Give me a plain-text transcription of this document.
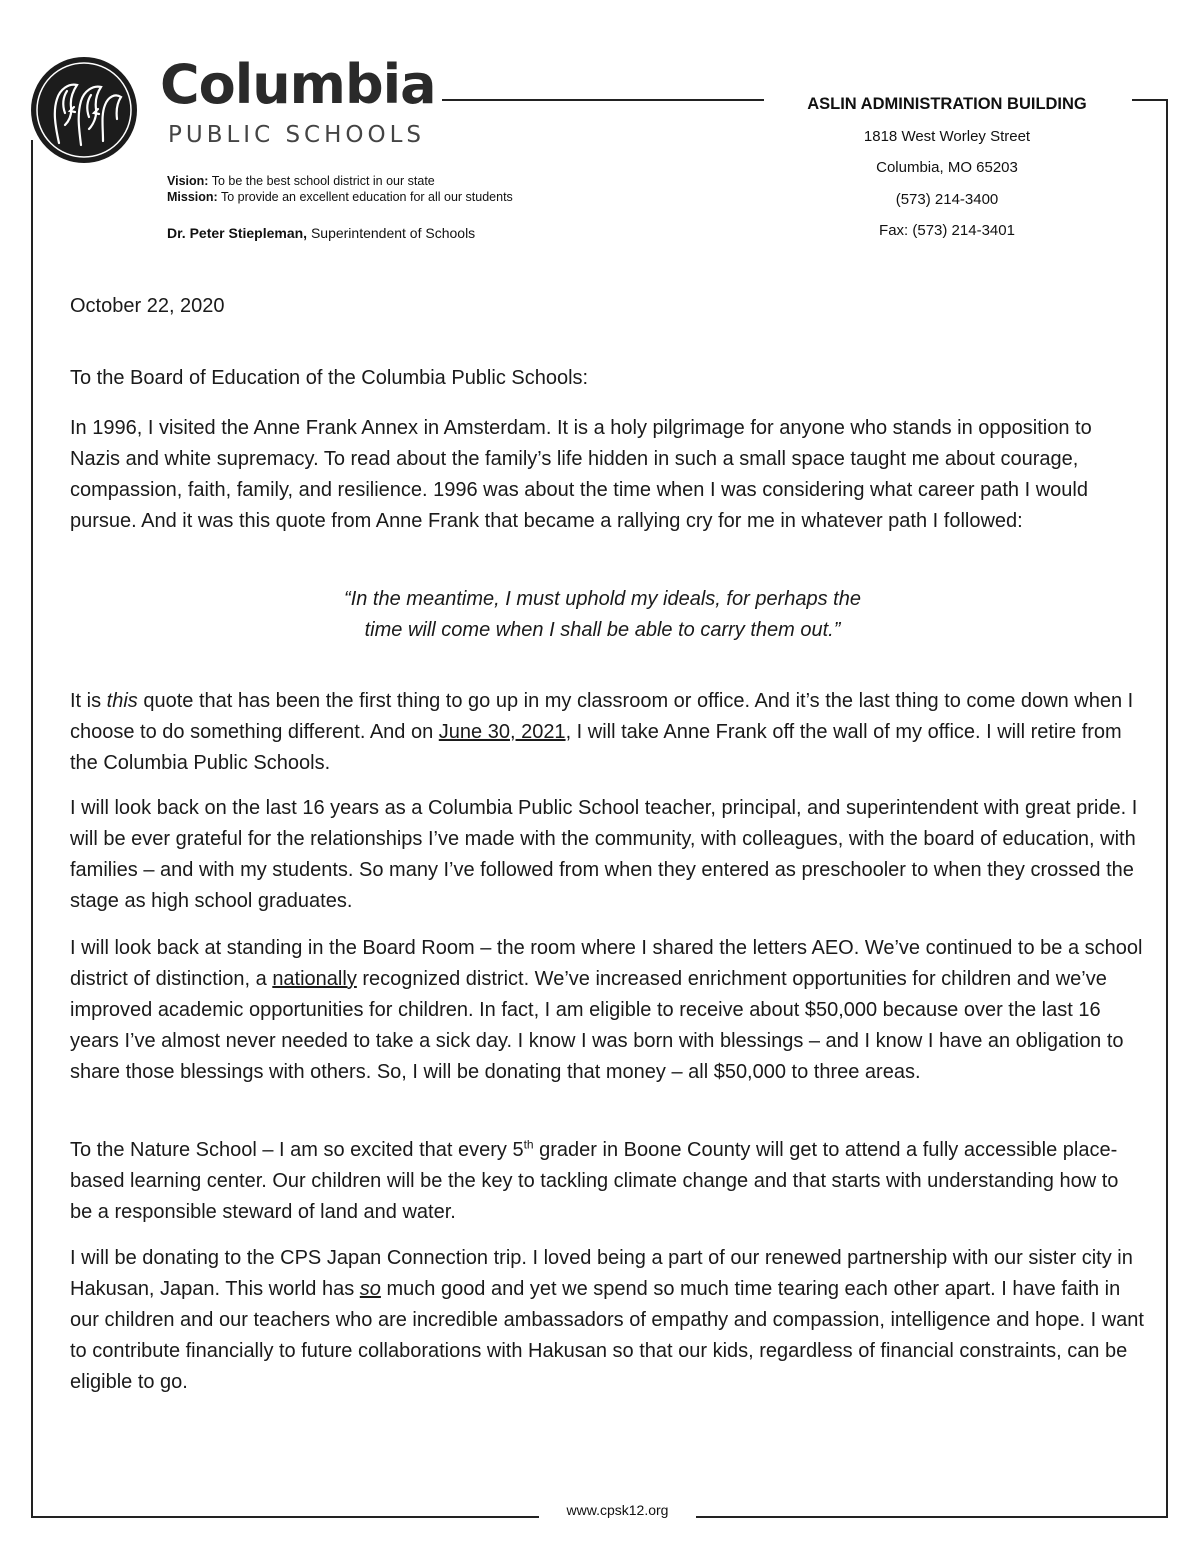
Columbia
PUBLIC SCHOOLS
Vision: To be the best school district in our state
Mission: To provide an excellent education for all our students
Dr. Peter Stiepleman, Superintendent of Schools
ASLIN ADMINISTRATION BUILDING
1818 West Worley Street
Columbia, MO 65203
(573) 214-3400
Fax: (573) 214-3401

October 22, 2020

To the Board of Education of the Columbia Public Schools:

In 1996, I visited the Anne Frank Annex in Amsterdam. It is a holy pilgrimage for anyone who stands in opposition to Nazis and white supremacy. To read about the family’s life hidden in such a small space taught me about courage, compassion, faith, family, and resilience. 1996 was about the time when I was considering what career path I would pursue. And it was this quote from Anne Frank that became a rallying cry for me in whatever path I followed:

“In the meantime, I must uphold my ideals, for perhaps the
time will come when I shall be able to carry them out.”

It is this quote that has been the first thing to go up in my classroom or office. And it’s the last thing to come down when I choose to do something different. And on June 30, 2021, I will take Anne Frank off the wall of my office. I will retire from the Columbia Public Schools.

I will look back on the last 16 years as a Columbia Public School teacher, principal, and superintendent with great pride. I will be ever grateful for the relationships I’ve made with the community, with colleagues, with the board of education, with families – and with my students. So many I’ve followed from when they entered as preschooler to when they crossed the stage as high school graduates.

I will look back at standing in the Board Room – the room where I shared the letters AEO. We’ve continued to be a school district of distinction, a nationally recognized district. We’ve increased enrichment opportunities for children and we’ve improved academic opportunities for children. In fact, I am eligible to receive about $50,000 because over the last 16 years I’ve almost never needed to take a sick day. I know I was born with blessings – and I know I have an obligation to share those blessings with others. So, I will be donating that money – all $50,000 to three areas.

To the Nature School – I am so excited that every 5th grader in Boone County will get to attend a fully accessible place-based learning center. Our children will be the key to tackling climate change and that starts with understanding how to be a responsible steward of land and water.

I will be donating to the CPS Japan Connection trip. I loved being a part of our renewed partnership with our sister city in Hakusan, Japan. This world has so much good and yet we spend so much time tearing each other apart. I have faith in our children and our teachers who are incredible ambassadors of empathy and compassion, intelligence and hope. I want to contribute financially to future collaborations with Hakusan so that our kids, regardless of financial constraints, can be eligible to go.

www.cpsk12.org
